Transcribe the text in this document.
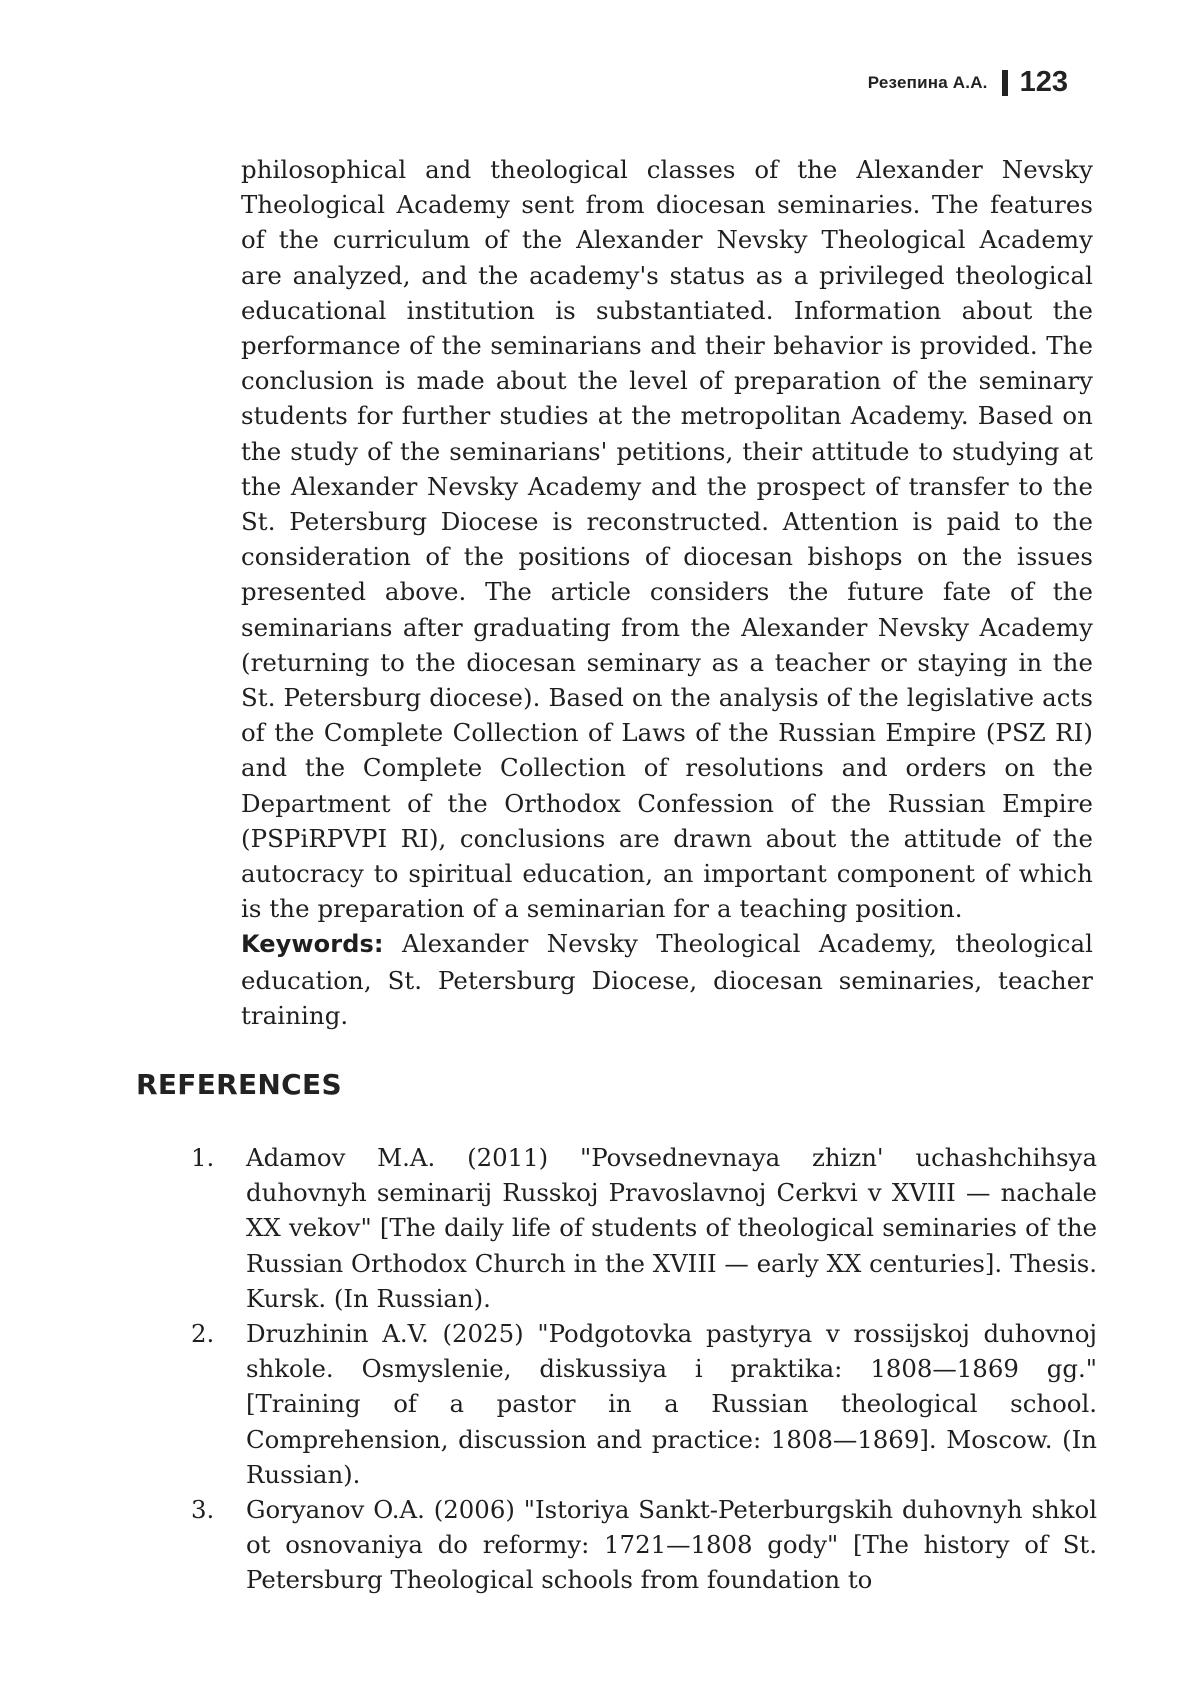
Резепина А.А. 123

philosophical and theological classes of the Alexander Nevsky Theological Academy sent from diocesan seminaries. The features of the curriculum of the Alexander Nevsky Theological Academy are analyzed, and the academy's status as a privileged theological educational institution is substantiated. Information about the performance of the seminarians and their behavior is provided. The conclusion is made about the level of preparation of the seminary students for further studies at the metropolitan Academy. Based on the study of the seminarians' petitions, their attitude to studying at the Alexander Nevsky Academy and the prospect of transfer to the St. Petersburg Diocese is reconstructed. Attention is paid to the consideration of the positions of diocesan bishops on the issues presented above. The article considers the future fate of the seminarians after graduating from the Alexander Nevsky Academy (returning to the diocesan seminary as a teacher or staying in the St. Petersburg diocese). Based on the analysis of the legislative acts of the Complete Collection of Laws of the Russian Empire (PSZ RI) and the Complete Collection of resolutions and orders on the Department of the Orthodox Confession of the Russian Empire (PSPiRPVPI RI), conclusions are drawn about the attitude of the autocracy to spiritual education, an important component of which is the preparation of a seminarian for a teaching position.

Keywords: Alexander Nevsky Theological Academy, theological education, St. Petersburg Diocese, diocesan seminaries, teacher training.

REFERENCES
1.	Adamov M.A. (2011) "Povsednevnaya zhizn' uchashchihsya duhovnyh seminarij Russkoj Pravoslavnoj Cerkvi v XVIII — nachale XX vekov" [The daily life of students of theological seminaries of the Russian Orthodox Church in the XVIII — early XX centuries]. Thesis. Kursk. (In Russian).
2.	Druzhinin A.V. (2025) "Podgotovka pastyrya v rossijskoj duhovnoj shkole. Osmyslenie, diskussiya i praktika: 1808—1869 gg." [Training of a pastor in a Russian theological school. Comprehension, discussion and practice: 1808—1869]. Moscow. (In Russian).
3.	Goryanov O.A. (2006) "Istoriya Sankt-Peterburgskih duhovnyh shkol ot osnovaniya do reformy: 1721—1808 gody" [The history of St. Petersburg Theological schools from foundation to
